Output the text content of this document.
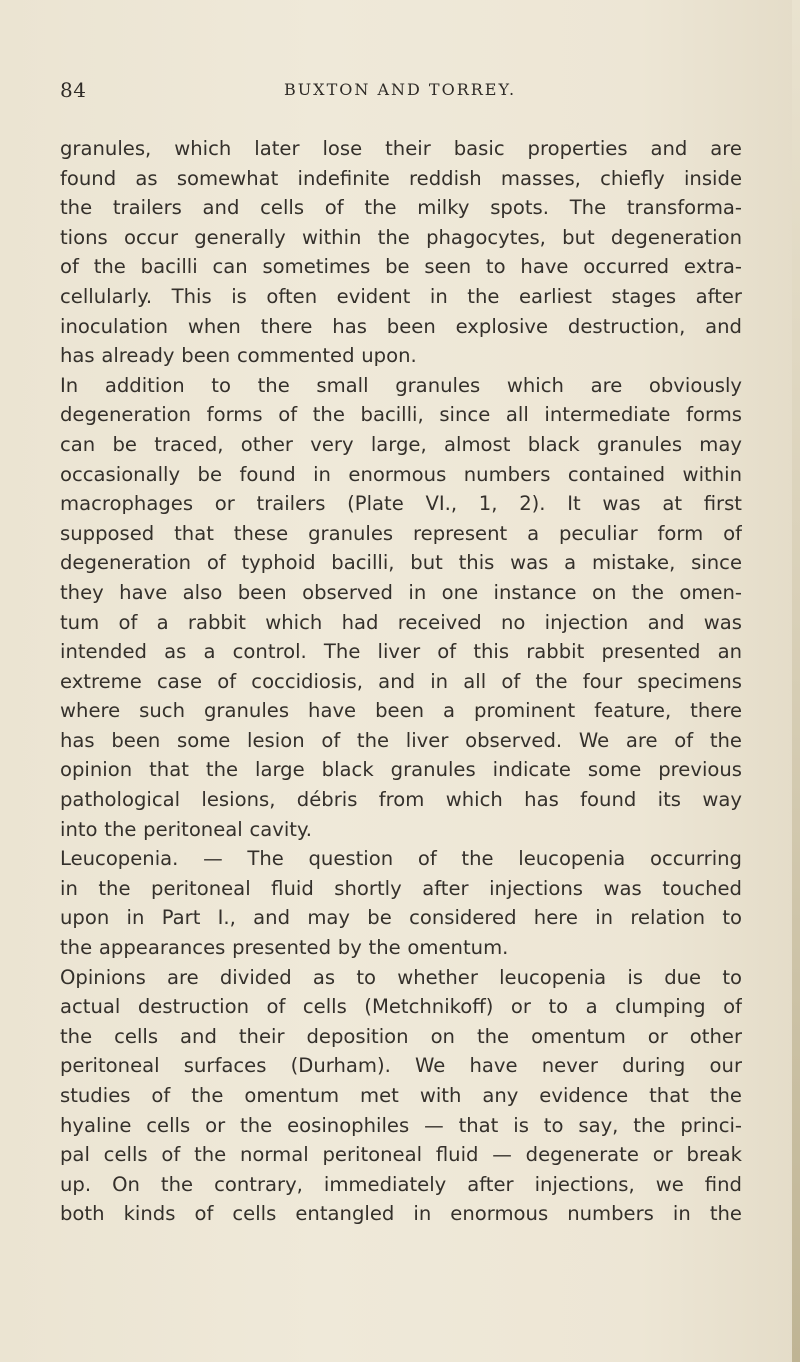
84	BUXTON AND TORREY.
granules, which later lose their basic properties and are
found as somewhat indefinite reddish masses, chiefly inside
the trailers and cells of the milky spots. The transforma-
tions occur generally within the phagocytes, but degeneration
of the bacilli can sometimes be seen to have occurred extra-
cellularly. This is often evident in the earliest stages after
inoculation when there has been explosive destruction, and
has already been commented upon.
In addition to the small granules which are obviously
degeneration forms of the bacilli, since all intermediate forms
can be traced, other very large, almost black granules may
occasionally be found in enormous numbers contained within
macrophages or trailers (Plate VI., 1, 2). It was at first
supposed that these granules represent a peculiar form of
degeneration of typhoid bacilli, but this was a mistake, since
they have also been observed in one instance on the omen-
tum of a rabbit which had received no injection and was
intended as a control. The liver of this rabbit presented an
extreme case of coccidiosis, and in all of the four specimens
where such granules have been a prominent feature, there
has been some lesion of the liver observed. We are of the
opinion that the large black granules indicate some previous
pathological lesions, débris from which has found its way
into the peritoneal cavity.
Leucopenia. — The question of the leucopenia occurring
in the peritoneal fluid shortly after injections was touched
upon in Part I., and may be considered here in relation to
the appearances presented by the omentum.
Opinions are divided as to whether leucopenia is due to
actual destruction of cells (Metchnikoff) or to a clumping of
the cells and their deposition on the omentum or other
peritoneal surfaces (Durham). We have never during our
studies of the omentum met with any evidence that the
hyaline cells or the eosinophiles — that is to say, the princi-
pal cells of the normal peritoneal fluid — degenerate or break
up. On the contrary, immediately after injections, we find
both kinds of cells entangled in enormous numbers in the
